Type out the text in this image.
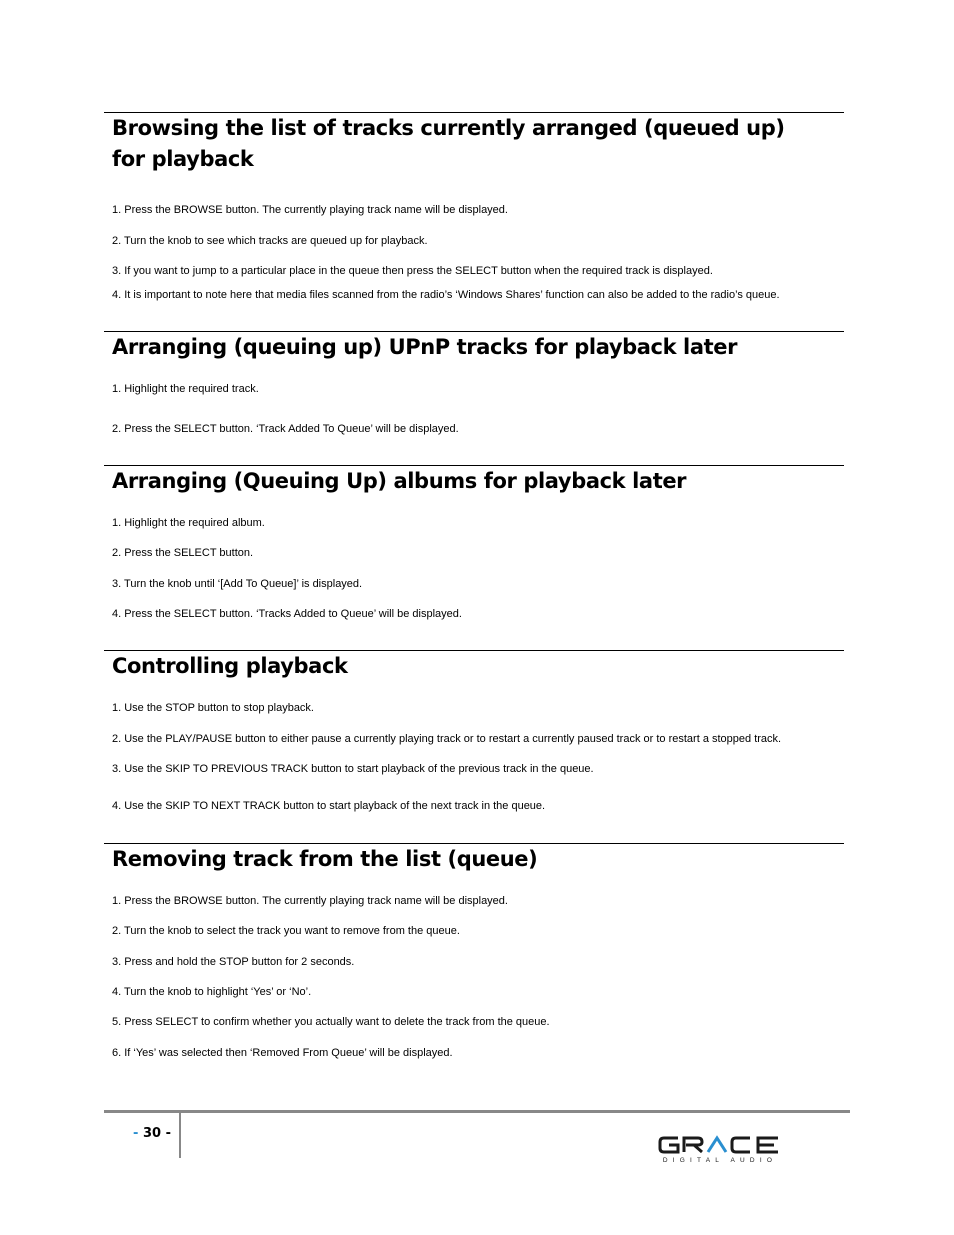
Browsing the list of tracks currently arranged (queued up) for playback
1. Press the BROWSE button. The currently playing track name will be displayed.
2. Turn the knob to see which tracks are queued up for playback.
3. If you want to jump to a particular place in the queue then press the SELECT button when the required track is displayed.
4. It is important to note here that media files scanned from the radio’s ‘Windows Shares’ function can also be added to the radio’s queue.
Arranging (queuing up) UPnP tracks for playback later
1. Highlight the required track.
2. Press the SELECT button. ‘Track Added To Queue’ will be displayed.
Arranging (Queuing Up) albums for playback later
1. Highlight the required album.
2. Press the SELECT button.
3. Turn the knob until ‘[Add To Queue]’ is displayed.
4. Press the SELECT button. ‘Tracks Added to Queue’ will be displayed.
Controlling playback
1. Use the STOP button to stop playback.
2. Use the PLAY/PAUSE button to either pause a currently playing track or to restart a currently paused track or to restart a stopped track.
3. Use the SKIP TO PREVIOUS TRACK button to start playback of the previous track in the queue.
4. Use the SKIP TO NEXT TRACK button to start playback of the next track in the queue.
Removing track from the list (queue)
1. Press the BROWSE button. The currently playing track name will be displayed.
2. Turn the knob to select the track you want to remove from the queue.
3. Press and hold the STOP button for 2 seconds.
4. Turn the knob to highlight ‘Yes’ or ‘No’.
5. Press SELECT to confirm whether you actually want to delete the track from the queue.
6. If ‘Yes’ was selected then ‘Removed From Queue’ will be displayed.
- 30 -
DIGITAL AUDIO
